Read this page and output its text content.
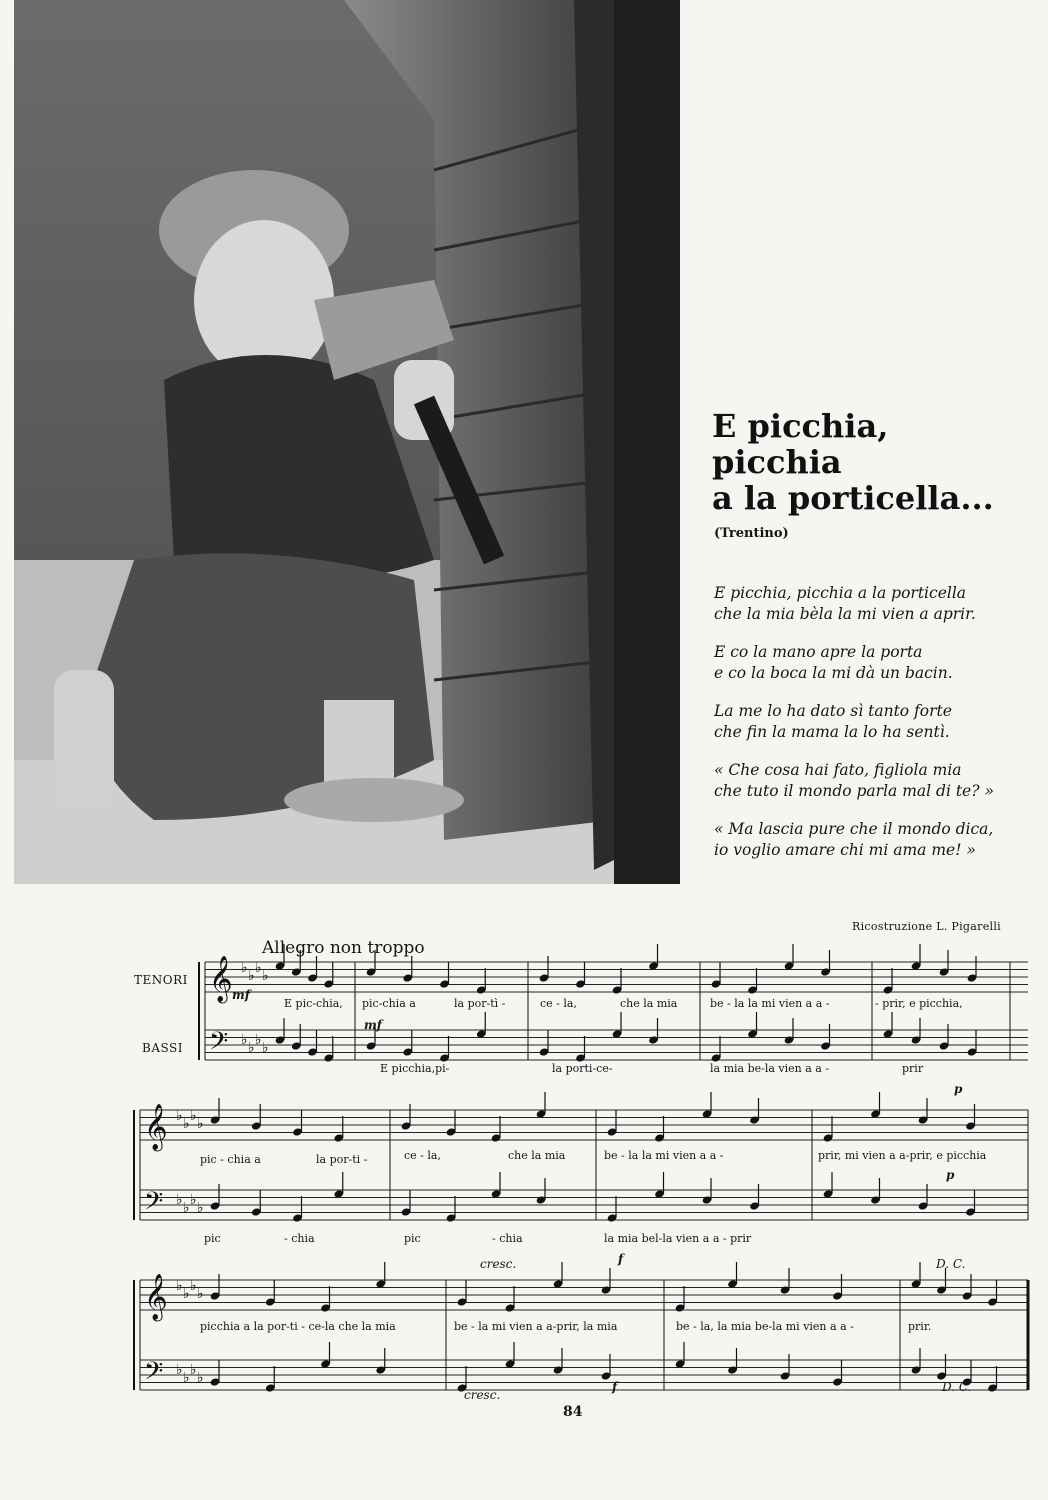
E picchia,
picchia
a la porticella...
(Trentino)
E picchia, picchia a la porticella
che la mia bèla la mi vien a aprir.
E co la mano apre la porta
e co la boca la mi dà un bacin.
La me lo ha dato sì tanto forte
che fin la mama la lo ha sentì.
« Che cosa hai fato, figliola mia
che tuto il mondo parla mal di te? »
« Ma lascia pure che il mondo dica,
io voglio amare chi mi ama me! »
Ricostruzione L. Pigarelli
Allegro non troppo
TENORI
BASSI
𝄞 ♭ ♭ ♭ ♭
𝄢 ♭ ♭ ♭ ♭
𝄞 ♭ ♭ ♭ ♭
𝄢 ♭ ♭ ♭ ♭
𝄞 ♭ ♭ ♭ ♭
𝄢 ♭ ♭ ♭ ♭
E pic-chia, pic-chia a	la por-tì -	ce - la,	che la mia	be - la la mi vien a a -	- prir, e picchia,
E picchia,pi-	la porti-ce-	la mia be-la vien a a -	prir
pic - chia a	la por-ti -	ce - la,	che la mia	be - la la mi vien a a -	prir, mi vien a a-prir, e picchia
pic	- chia	pic	- chia	la mia bel-la vien a a - prir
picchia a la por-ti - ce-la che la mia	be - la mi vien a a-prir, la mia	be - la, la mia be-la mi vien a a -	prir.
mf
mf
p
p
cresc.
cresc.
f
f
D. C.
D. C.
84
